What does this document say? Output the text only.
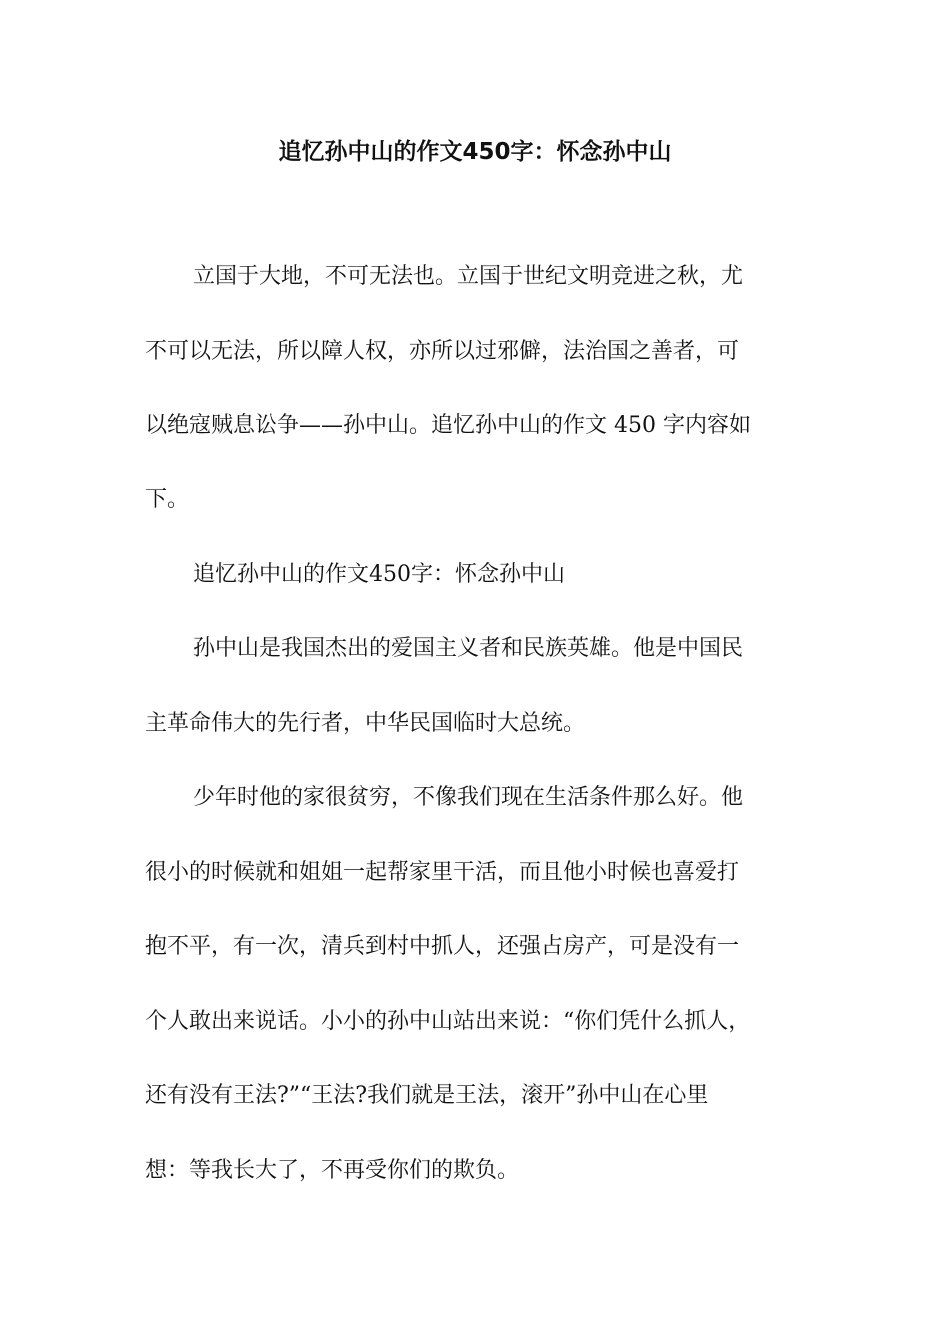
追忆孙中山的作文450字：怀念孙中山

立国于大地，不可无法也。立国于世纪文明竞进之秋，尤

不可以无法，所以障人权，亦所以过邪僻，法治国之善者，可

以绝寇贼息讼争——孙中山。追忆孙中山的作文 450 字内容如

下。

追忆孙中山的作文450字：怀念孙中山

孙中山是我国杰出的爱国主义者和民族英雄。他是中国民

主革命伟大的先行者，中华民国临时大总统。

少年时他的家很贫穷，不像我们现在生活条件那么好。他

很小的时候就和姐姐一起帮家里干活，而且他小时候也喜爱打

抱不平，有一次，清兵到村中抓人，还强占房产，可是没有一

个人敢出来说话。小小的孙中山站出来说：“你们凭什么抓人，

还有没有王法?”“王法?我们就是王法，滚开”孙中山在心里

想：等我长大了，不再受你们的欺负。
